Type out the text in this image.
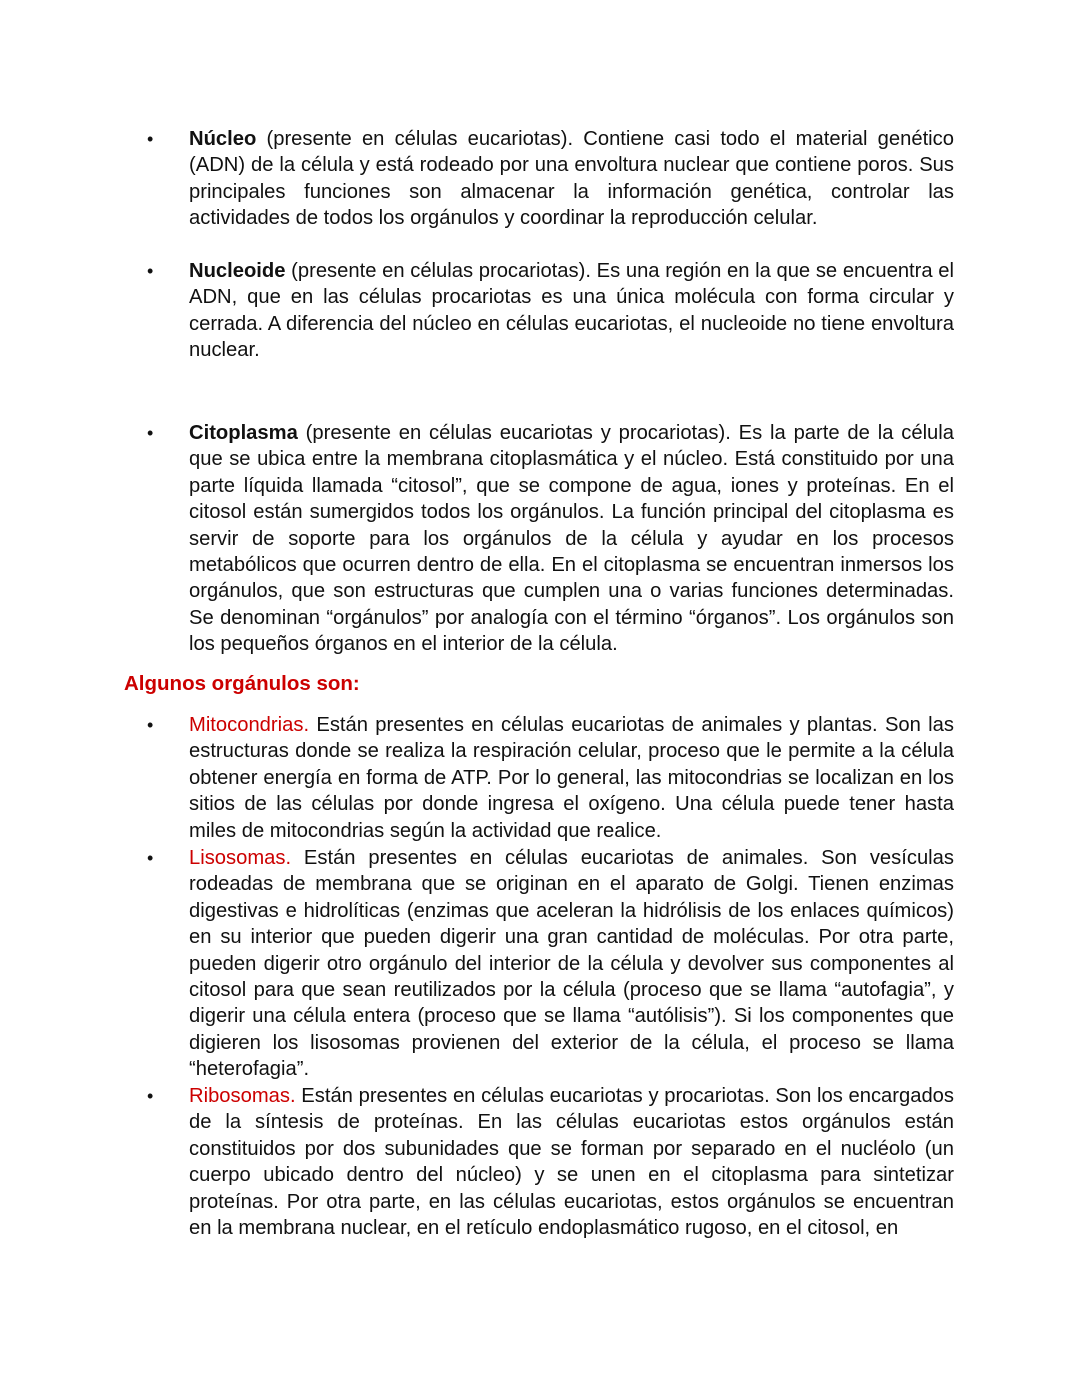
• Núcleo (presente en células eucariotas). Contiene casi todo el material genético (ADN) de la célula y está rodeado por una envoltura nuclear que contiene poros. Sus principales funciones son almacenar la información genética, controlar las actividades de todos los orgánulos y coordinar la reproducción celular.
• Nucleoide (presente en células procariotas). Es una región en la que se encuentra el ADN, que en las células procariotas es una única molécula con forma circular y cerrada. A diferencia del núcleo en células eucariotas, el nucleoide no tiene envoltura nuclear.
• Citoplasma (presente en células eucariotas y procariotas). Es la parte de la célula que se ubica entre la membrana citoplasmática y el núcleo. Está constituido por una parte líquida llamada “citosol”, que se compone de agua, iones y proteínas. En el citosol están sumergidos todos los orgánulos. La función principal del citoplasma es servir de soporte para los orgánulos de la célula y ayudar en los procesos metabólicos que ocurren dentro de ella. En el citoplasma se encuentran inmersos los orgánulos, que son estructuras que cumplen una o varias funciones determinadas. Se denominan “orgánulos” por analogía con el término “órganos”. Los orgánulos son los pequeños órganos en el interior de la célula.
Algunos orgánulos son:
• Mitocondrias. Están presentes en células eucariotas de animales y plantas. Son las estructuras donde se realiza la respiración celular, proceso que le permite a la célula obtener energía en forma de ATP. Por lo general, las mitocondrias se localizan en los sitios de las células por donde ingresa el oxígeno. Una célula puede tener hasta miles de mitocondrias según la actividad que realice.
• Lisosomas. Están presentes en células eucariotas de animales. Son vesículas rodeadas de membrana que se originan en el aparato de Golgi. Tienen enzimas digestivas e hidrolíticas (enzimas que aceleran la hidrólisis de los enlaces químicos) en su interior que pueden digerir una gran cantidad de moléculas. Por otra parte, pueden digerir otro orgánulo del interior de la célula y devolver sus componentes al citosol para que sean reutilizados por la célula (proceso que se llama “autofagia”, y digerir una célula entera (proceso que se llama “autólisis”). Si los componentes que digieren los lisosomas provienen del exterior de la célula, el proceso se llama “heterofagia”.
• Ribosomas. Están presentes en células eucariotas y procariotas. Son los encargados de la síntesis de proteínas. En las células eucariotas estos orgánulos están constituidos por dos subunidades que se forman por separado en el nucléolo (un cuerpo ubicado dentro del núcleo) y se unen en el citoplasma para sintetizar proteínas. Por otra parte, en las células eucariotas, estos orgánulos se encuentran en la membrana nuclear, en el retículo endoplasmático rugoso, en el citosol, en
